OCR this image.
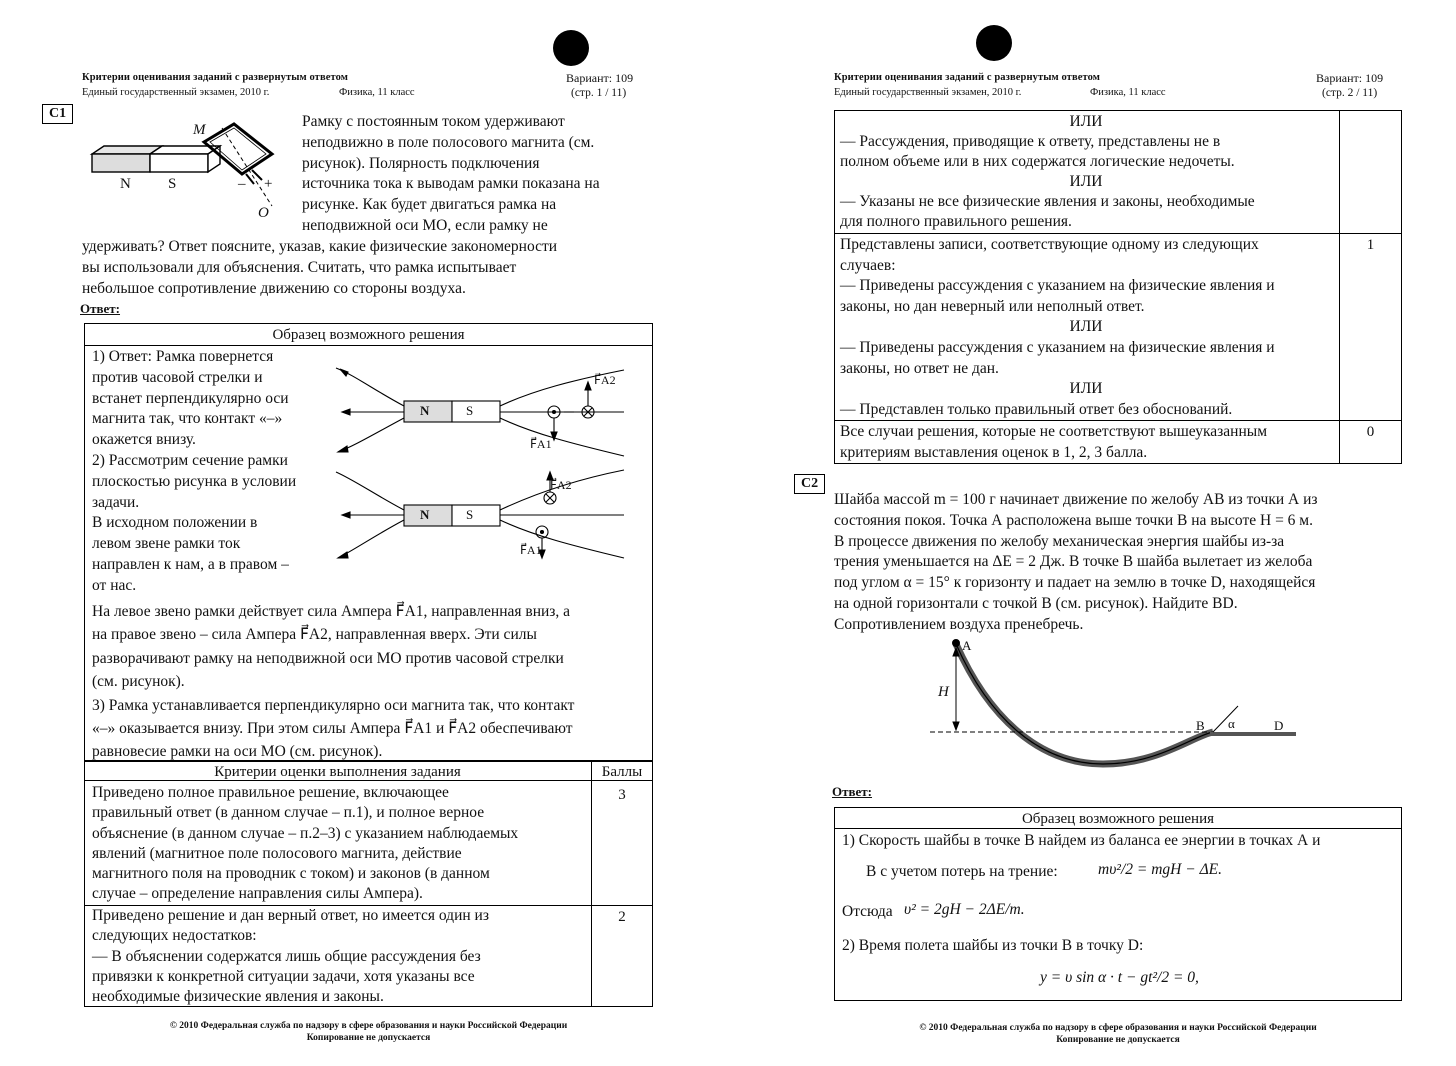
Критерии оценивания заданий с развернутым ответом
Единый государственный экзамен, 2010 г.	Физика, 11 класс
Вариант: 109
(стр. 1 / 11)
С1
M
O
N S	– +
Рамку с постоянным током удерживают
неподвижно в поле полосового магнита (см.
рисунок). Полярность подключения
источника тока к выводам рамки показана на
рисунке. Как будет двигаться рамка на
неподвижной оси МО, если рамку не
удерживать? Ответ поясните, указав, какие физические закономерности
вы использовали для объяснения. Считать, что рамка испытывает
небольшое сопротивление движению со стороны воздуха.
Ответ:
Образец возможного решения
1) Ответ: Рамка повернется
против часовой стрелки и
встанет перпендикулярно оси
магнита так, что контакт «–»
окажется внизу.
2) Рассмотрим сечение рамки
плоскостью рисунка в условии
задачи.
В исходном положении в
левом звене рамки ток
направлен к нам, а в правом –
от нас.
N	S
F⃗A2
F⃗A1
N	S
F⃗A2
F⃗A1
На левое звено рамки действует сила Ампера F⃗A1, направленная вниз, а
на правое звено – сила Ампера F⃗A2, направленная вверх. Эти силы
разворачивают рамку на неподвижной оси МО против часовой стрелки
(см. рисунок).
3) Рамка устанавливается перпендикулярно оси магнита так, что контакт
«–» оказывается внизу. При этом силы Ампера F⃗A1 и F⃗A2 обеспечивают
равновесие рамки на оси МО (см. рисунок).
Критерии оценки выполнения задания	Баллы
Приведено полное правильное решение, включающее
правильный ответ (в данном случае – п.1), и полное верное
объяснение (в данном случае – п.2–3) с указанием наблюдаемых
явлений (магнитное поле полосового магнита, действие
магнитного поля на проводник с током) и законов (в данном
случае – определение направления силы Ампера).
3
Приведено решение и дан верный ответ, но имеется один из
следующих недостатков:
— В объяснении содержатся лишь общие рассуждения без
привязки к конкретной ситуации задачи, хотя указаны все
необходимые физические явления и законы.
2
© 2010 Федеральная служба по надзору в сфере образования и науки Российской Федерации
Копирование не допускается
Критерии оценивания заданий с развернутым ответом
Единый государственный экзамен, 2010 г.	Физика, 11 класс
Вариант: 109
(стр. 2 / 11)
ИЛИ
— Рассуждения, приводящие к ответу, представлены не в
полном объеме или в них содержатся логические недочеты.
ИЛИ
— Указаны не все физические явления и законы, необходимые
для полного правильного решения.
Представлены записи, соответствующие одному из следующих
случаев:
— Приведены рассуждения с указанием на физические явления и
законы, но дан неверный или неполный ответ.
ИЛИ
— Приведены рассуждения с указанием на физические явления и
законы, но ответ не дан.
ИЛИ
— Представлен только правильный ответ без обоснований.
1
Все случаи решения, которые не соответствуют вышеуказанным
критериям выставления оценок в 1, 2, 3 балла.
0
С2
Шайба массой m = 100 г начинает движение по желобу АВ из точки А из
состояния покоя. Точка А расположена выше точки В на высоте H = 6 м.
В процессе движения по желобу механическая энергия шайбы из-за
трения уменьшается на ΔE = 2 Дж. В точке В шайба вылетает из желоба
под углом α = 15° к горизонту и падает на землю в точке D, находящейся
на одной горизонтали с точкой В (см. рисунок). Найдите BD.
Сопротивлением воздуха пренебречь.
A
H
B α	D
Ответ:
Образец возможного решения
1) Скорость шайбы в точке В найдем из баланса ее энергии в точках А и
В с учетом потерь на трение:	mυ²/2 = mgH − ΔE.
Отсюда υ² = 2gH − 2ΔE/m.
2) Время полета шайбы из точки В в точку D:
y = υ sin α · t − gt²/2 = 0,
© 2010 Федеральная служба по надзору в сфере образования и науки Российской Федерации
Копирование не допускается
